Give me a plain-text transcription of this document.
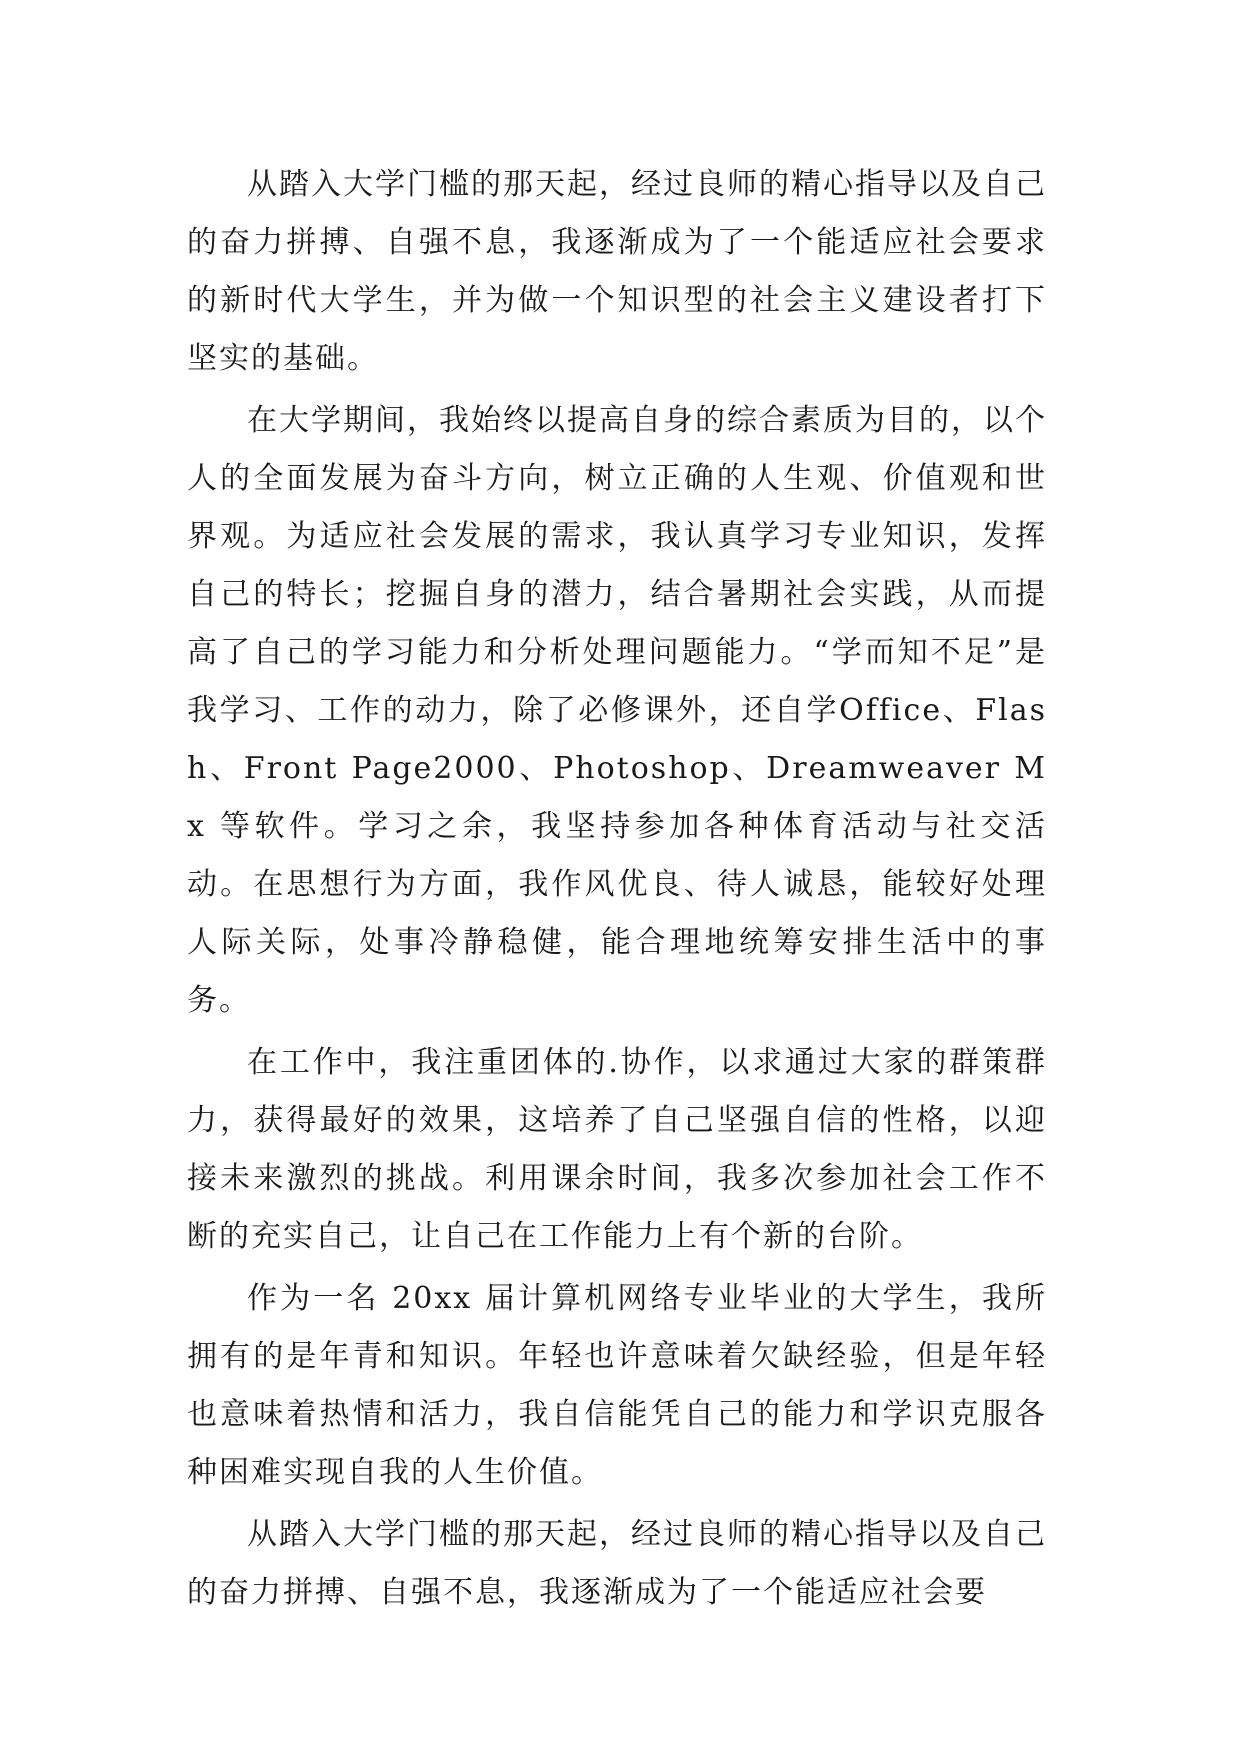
从踏入大学门槛的那天起，经过良师的精心指导以及自己的奋力拼搏、自强不息，我逐渐成为了一个能适应社会要求的新时代大学生，并为做一个知识型的社会主义建设者打下坚实的基础。

在大学期间，我始终以提高自身的综合素质为目的，以个人的全面发展为奋斗方向，树立正确的人生观、价值观和世界观。为适应社会发展的需求，我认真学习专业知识，发挥自己的特长；挖掘自身的潜力，结合暑期社会实践，从而提高了自己的学习能力和分析处理问题能力。“学而知不足”是我学习、工作的动力，除了必修课外，还自学Office、Flash、Front Page2000、Photoshop、Dreamweaver Mx 等软件。学习之余，我坚持参加各种体育活动与社交活动。在思想行为方面，我作风优良、待人诚恳，能较好处理人际关际，处事冷静稳健，能合理地统筹安排生活中的事务。

在工作中，我注重团体的.协作，以求通过大家的群策群力，获得最好的效果，这培养了自己坚强自信的性格，以迎接未来激烈的挑战。利用课余时间，我多次参加社会工作不断的充实自己，让自己在工作能力上有个新的台阶。

作为一名 20xx 届计算机网络专业毕业的大学生，我所拥有的是年青和知识。年轻也许意味着欠缺经验，但是年轻也意味着热情和活力，我自信能凭自己的能力和学识克服各种困难实现自我的人生价值。

从踏入大学门槛的那天起，经过良师的精心指导以及自己的奋力拼搏、自强不息，我逐渐成为了一个能适应社会要
